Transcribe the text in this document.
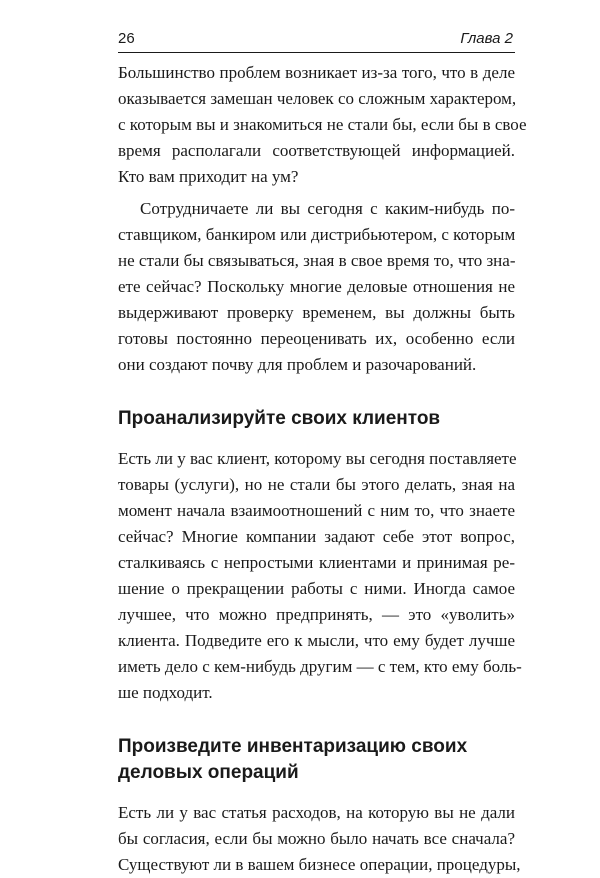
26	Глава 2

Большинство проблем возникает из-за того, что в деле
оказывается замешан человек со сложным характером,
с которым вы и знакомиться не стали бы, если бы в свое
время располагали соответствующей информацией.
Кто вам приходит на ум?

Сотрудничаете ли вы сегодня с каким-нибудь по-
ставщиком, банкиром или дистрибьютером, с которым
не стали бы связываться, зная в свое время то, что зна-
ете сейчас? Поскольку многие деловые отношения не
выдерживают проверку временем, вы должны быть
готовы постоянно переоценивать их, особенно если
они создают почву для проблем и разочарований.

Проанализируйте своих клиентов

Есть ли у вас клиент, которому вы сегодня поставляете
товары (услуги), но не стали бы этого делать, зная на
момент начала взаимоотношений с ним то, что знаете
сейчас? Многие компании задают себе этот вопрос,
сталкиваясь с непростыми клиентами и принимая ре-
шение о прекращении работы с ними. Иногда самое
лучшее, что можно предпринять, — это «уволить»
клиента. Подведите его к мысли, что ему будет лучше
иметь дело с кем-нибудь другим — с тем, кто ему боль-
ше подходит.

Произведите инвентаризацию своих
деловых операций

Есть ли у вас статья расходов, на которую вы не дали
бы согласия, если бы можно было начать все сначала?
Существуют ли в вашем бизнесе операции, процедуры,
